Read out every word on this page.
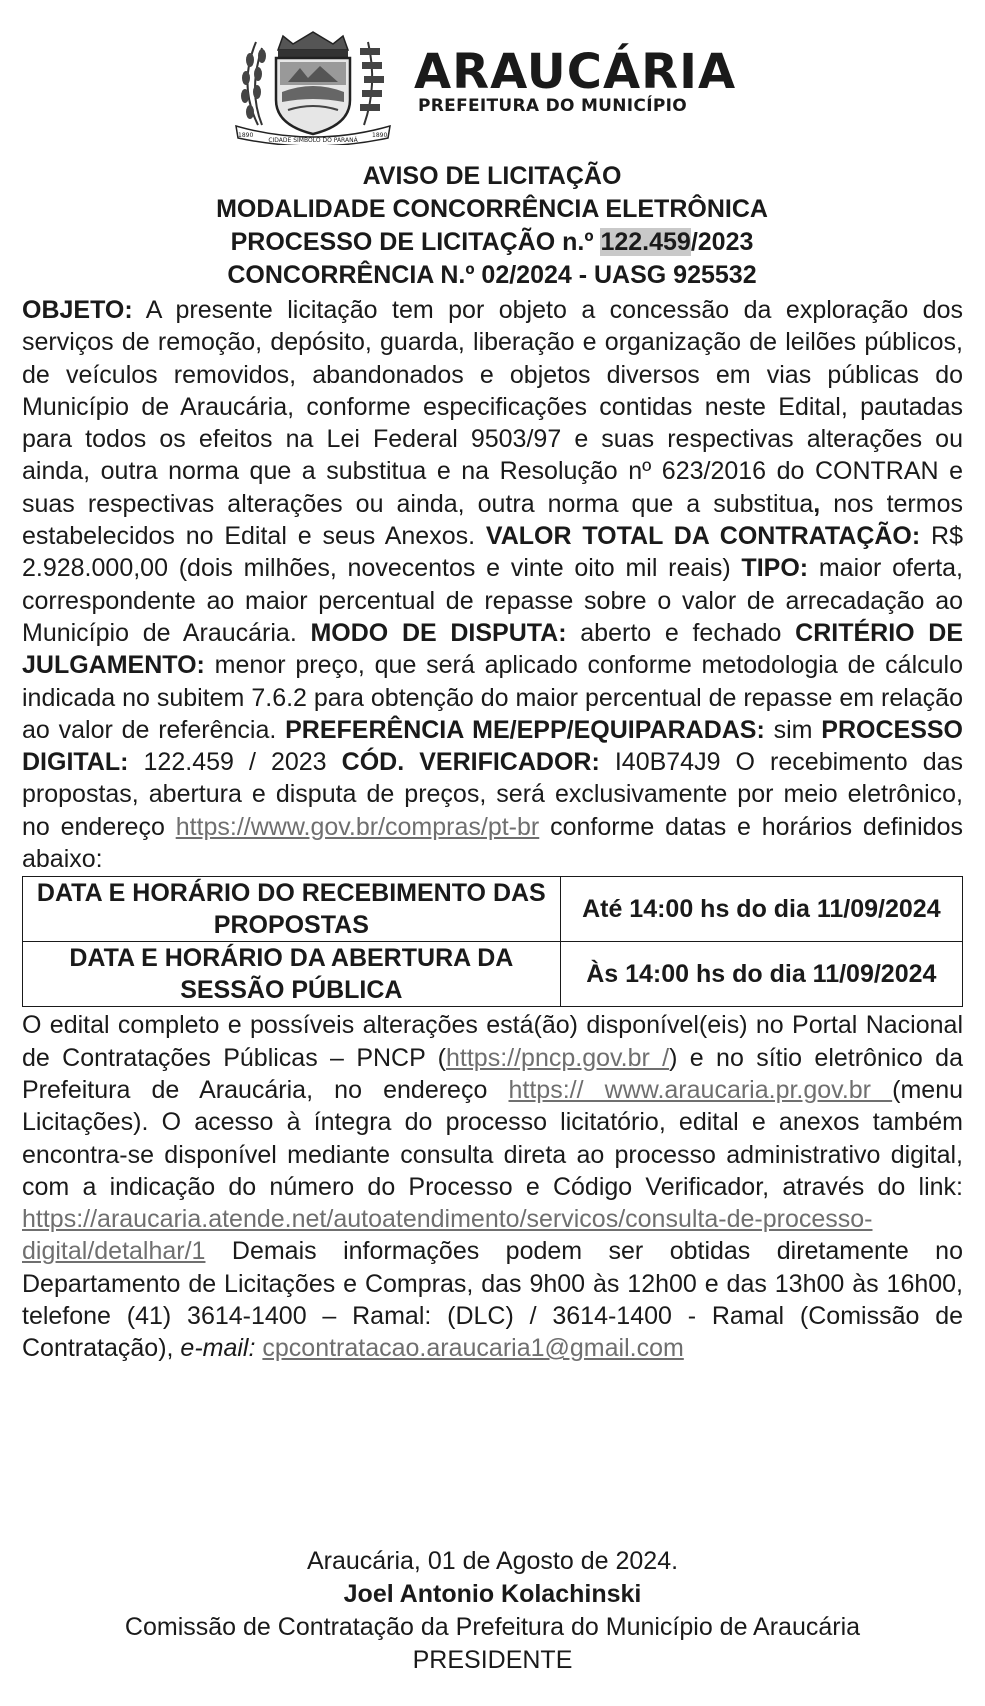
1890
CIDADE SÍMBOLO DO PARANÁ
1890
ARAUCÁRIA
PREFEITURA DO MUNICÍPIO
AVISO DE LICITAÇÃO
MODALIDADE CONCORRÊNCIA ELETRÔNICA
PROCESSO DE LICITAÇÃO n.º 122.459/2023
CONCORRÊNCIA N.º 02/2024 - UASG 925532

OBJETO: A presente licitação tem por objeto a concessão da exploração dos serviços de remoção, depósito, guarda, liberação e organização de leilões públicos, de veículos removidos, abandonados e objetos diversos em vias públicas do Município de Araucária, conforme especificações contidas neste Edital, pautadas para todos os efeitos na Lei Federal 9503/97 e suas respectivas alterações ou ainda, outra norma que a substitua e na Resolução nº 623/2016 do CONTRAN e suas respectivas alterações ou ainda, outra norma que a substitua, nos termos estabelecidos no Edital e seus Anexos. VALOR TOTAL DA CONTRATAÇÃO: R$ 2.928.000,00 (dois milhões, novecentos e vinte oito mil reais) TIPO: maior oferta, correspondente ao maior percentual de repasse sobre o valor de arrecadação ao Município de Araucária. MODO DE DISPUTA: aberto e fechado CRITÉRIO DE JULGAMENTO: menor preço, que será aplicado conforme metodologia de cálculo indicada no subitem 7.6.2 para obtenção do maior percentual de repasse em relação ao valor de referência. PREFERÊNCIA ME/EPP/EQUIPARADAS: sim PROCESSO DIGITAL: 122.459 / 2023 CÓD. VERIFICADOR: I40B74J9 O recebimento das propostas, abertura e disputa de preços, será exclusivamente por meio eletrônico, no endereço https://www.gov.br/compras/pt-br conforme datas e horários definidos abaixo:

DATA E HORÁRIO DO RECEBIMENTO DAS PROPOSTAS	Até 14:00 hs do dia 11/09/2024
DATA E HORÁRIO DA ABERTURA DA SESSÃO PÚBLICA	Às 14:00 hs do dia 11/09/2024

O edital completo e possíveis alterações está(ão) disponível(eis) no Portal Nacional de Contratações Públicas – PNCP (https://pncp.gov.br /) e no sítio eletrônico da Prefeitura de Araucária, no endereço https:// www.araucaria.pr.gov.br (menu Licitações). O acesso à íntegra do processo licitatório, edital e anexos também encontra-se disponível mediante consulta direta ao processo administrativo digital, com a indicação do número do Processo e Código Verificador, através do link: https://araucaria.atende.net/autoatendimento/servicos/consulta-de-processo-digital/detalhar/1 Demais informações podem ser obtidas diretamente no Departamento de Licitações e Compras, das 9h00 às 12h00 e das 13h00 às 16h00, telefone (41) 3614-1400 – Ramal: (DLC) / 3614-1400 - Ramal (Comissão de Contratação), e-mail: cpcontratacao.araucaria1@gmail.com

Araucária, 01 de Agosto de 2024.
Joel Antonio Kolachinski
Comissão de Contratação da Prefeitura do Município de Araucária
PRESIDENTE
